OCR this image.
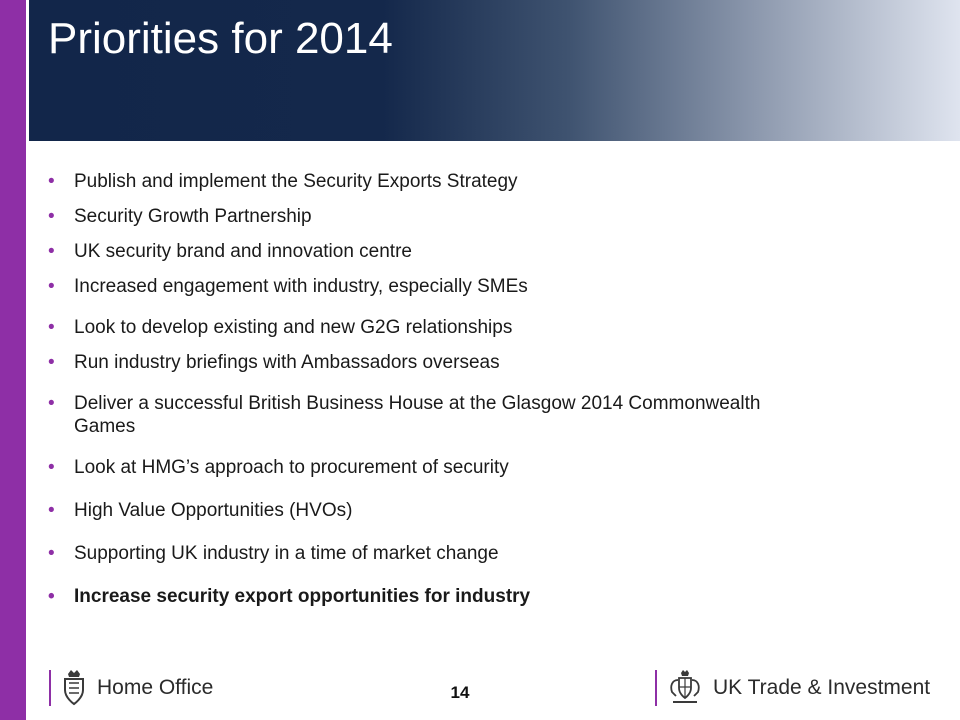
Priorities for 2014
• Publish and implement the Security Exports Strategy
• Security Growth Partnership
• UK security brand and innovation centre
• Increased engagement with industry, especially SMEs
• Look to develop existing and new G2G relationships
• Run industry briefings with Ambassadors overseas
• Deliver a successful British Business House at the Glasgow 2014 Commonwealth Games
• Look at HMG’s approach to procurement of security
• High Value Opportunities (HVOs)
• Supporting UK industry in a time of market change
• Increase security export opportunities for industry
Home Office	14	UK Trade & Investment
